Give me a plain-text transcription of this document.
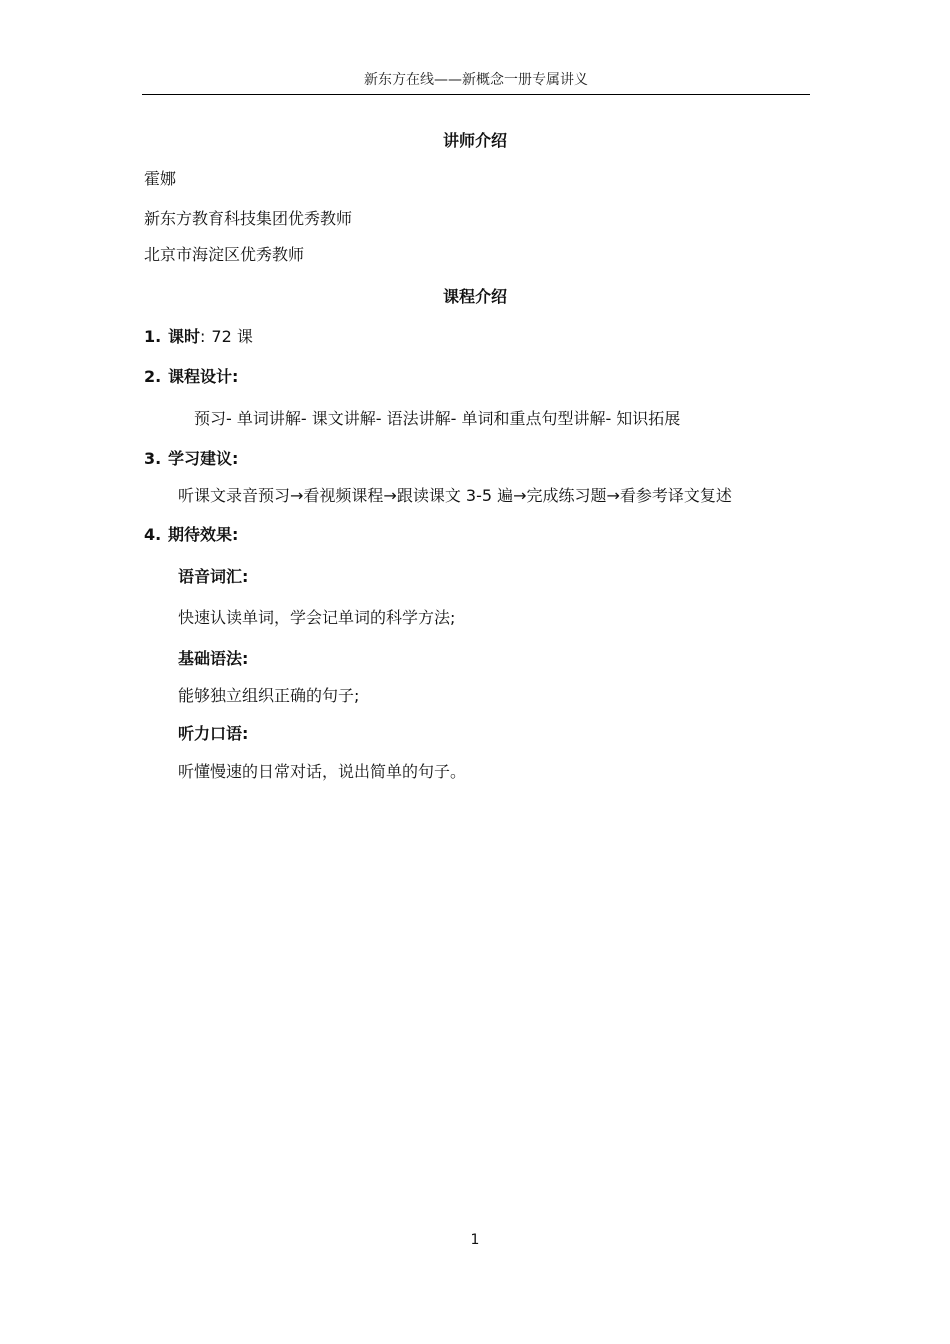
新东方在线——新概念一册专属讲义
讲师介绍
霍娜
新东方教育科技集团优秀教师
北京市海淀区优秀教师
课程介绍
1. 课时: 72 课
2. 课程设计:
预习- 单词讲解- 课文讲解- 语法讲解- 单词和重点句型讲解- 知识拓展
3. 学习建议:
听课文录音预习→看视频课程→跟读课文 3-5 遍→完成练习题→看参考译文复述
4. 期待效果:
语音词汇:
快速认读单词，学会记单词的科学方法;
基础语法:
能够独立组织正确的句子;
听力口语:
听懂慢速的日常对话，说出简单的句子。
1
